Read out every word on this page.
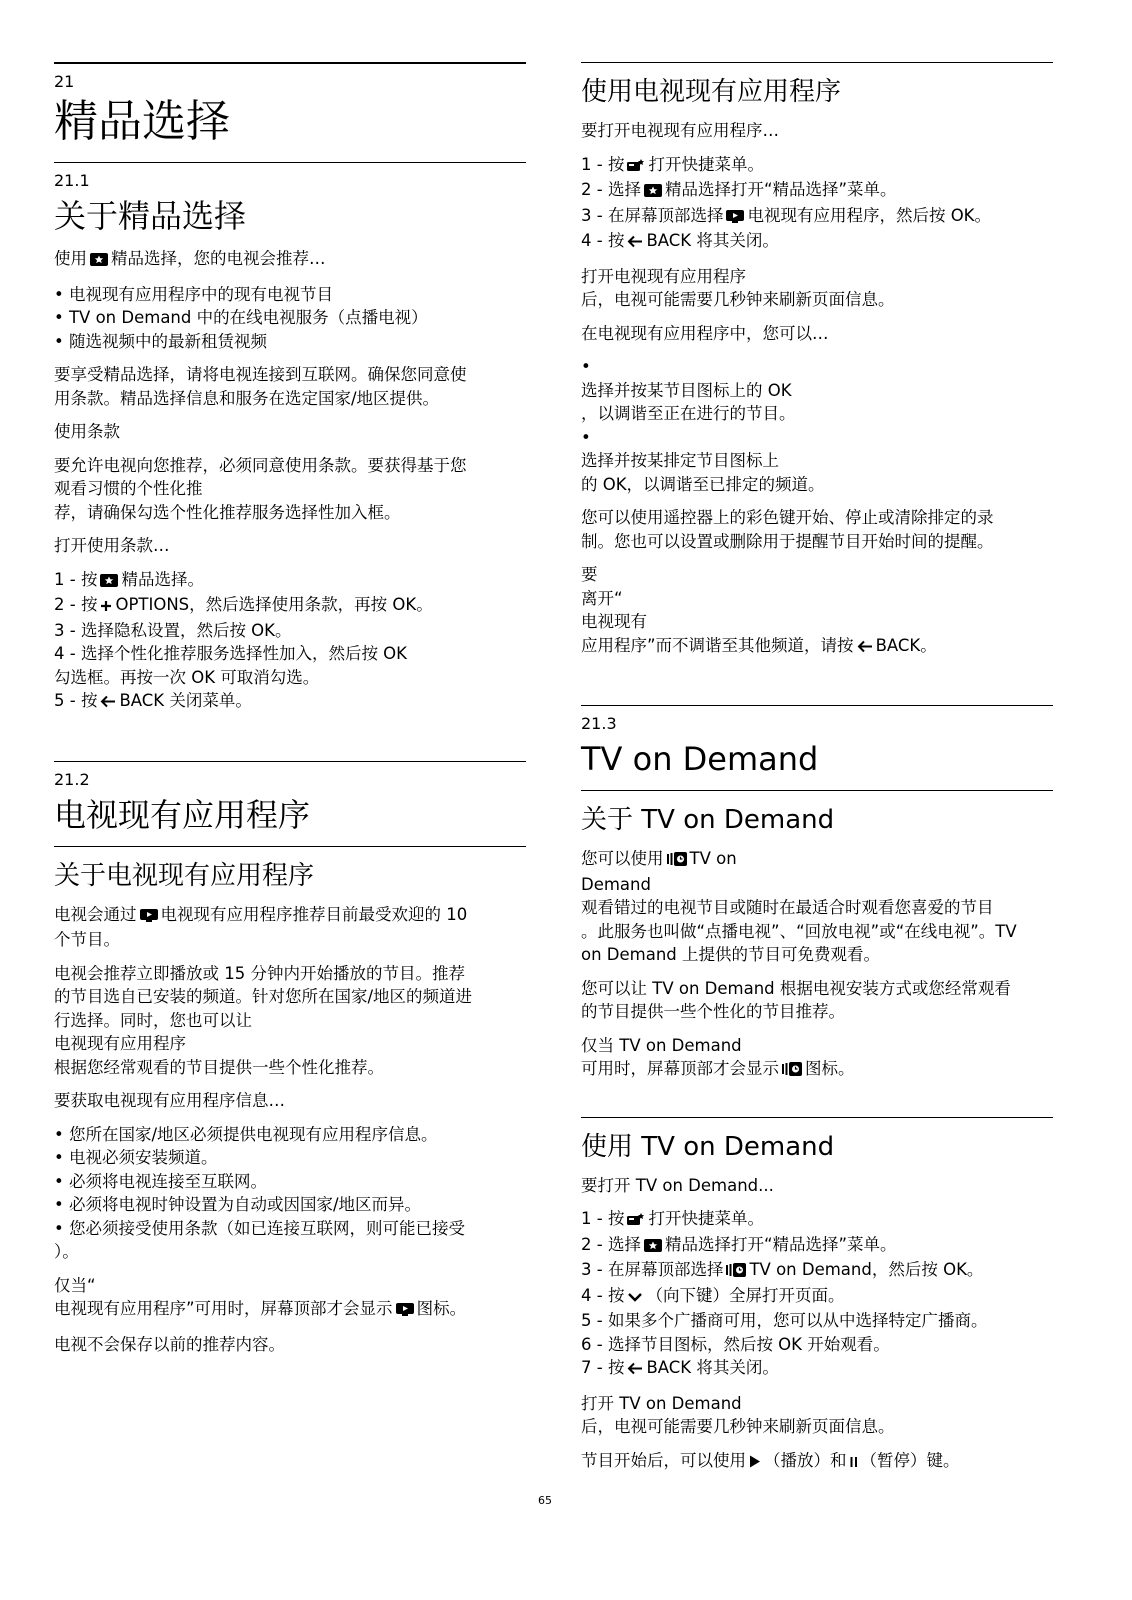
21
精品选择
21.1
关于精品选择

使用 精品选择，您的电视会推荐…

• 电视现有应用程序中的现有电视节目
• TV on Demand 中的在线电视服务（点播电视）
• 随选视频中的最新租赁视频
要享受精品选择，请将电视连接到互联网。确保您同意使
用条款。精品选择信息和服务在选定国家/地区提供。

使用条款

要允许电视向您推荐，必须同意使用条款。要获得基于您
观看习惯的个性化推
荐，请确保勾选个性化推荐服务选择性加入框。

打开使用条款…

1 - 按 精品选择。
2 - 按 OPTIONS，然后选择使用条款，再按 OK。
3 - 选择隐私设置，然后按 OK。
4 - 选择个性化推荐服务选择性加入，然后按 OK
勾选框。再按一次 OK 可取消勾选。
5 - 按 BACK 关闭菜单。
21.2
电视现有应用程序
关于电视现有应用程序
电视会通过 电视现有应用程序推荐目前最受欢迎的 10
个节目。
电视会推荐立即播放或 15 分钟内开始播放的节目。推荐
的节目选自已安装的频道。针对您所在国家/地区的频道进
行选择。同时，您也可以让
电视现有应用程序
根据您经常观看的节目提供一些个性化推荐。

要获取电视现有应用程序信息…

• 您所在国家/地区必须提供电视现有应用程序信息。
• 电视必须安装频道。
• 必须将电视连接至互联网。
• 必须将电视时钟设置为自动或因国家/地区而异。
• 您必须接受使用条款（如已连接互联网，则可能已接受
）。
仅当“
电视现有应用程序”可用时，屏幕顶部才会显示 图标。

电视不会保存以前的推荐内容。

使用电视现有应用程序

要打开电视现有应用程序…

1 - 按 打开快捷菜单。
2 - 选择 精品选择打开“精品选择”菜单。
3 - 在屏幕顶部选择 电视现有应用程序，然后按 OK。
4 - 按 BACK 将其关闭。
打开电视现有应用程序
后，电视可能需要几秒钟来刷新页面信息。

在电视现有应用程序中，您可以…

•
选择并按某节目图标上的 OK
，以调谐至正在进行的节目。
•
选择并按某排定节目图标上
的 OK，以调谐至已排定的频道。
您可以使用遥控器上的彩色键开始、停止或清除排定的录
制。您也可以设置或删除用于提醒节目开始时间的提醒。
要
离开“
电视现有
应用程序”而不调谐至其他频道，请按 BACK。
21.3
TV on Demand
关于 TV on Demand
您可以使用 TV on
Demand
观看错过的电视节目或随时在最适合时观看您喜爱的节目
。此服务也叫做“点播电视”、“回放电视”或“在线电视”。TV
on Demand 上提供的节目可免费观看。
您可以让 TV on Demand 根据电视安装方式或您经常观看
的节目提供一些个性化的节目推荐。
仅当 TV on Demand
可用时，屏幕顶部才会显示 图标。
使用 TV on Demand

要打开 TV on Demand...

1 - 按 打开快捷菜单。
2 - 选择 精品选择打开“精品选择”菜单。
3 - 在屏幕顶部选择 TV on Demand，然后按 OK。
4 - 按 （向下键）全屏打开页面。
5 - 如果多个广播商可用，您可以从中选择特定广播商。
6 - 选择节目图标，然后按 OK 开始观看。
7 - 按 BACK 将其关闭。
打开 TV on Demand
后，电视可能需要几秒钟来刷新页面信息。

节目开始后，可以使用 （播放）和 （暂停）键。

65
